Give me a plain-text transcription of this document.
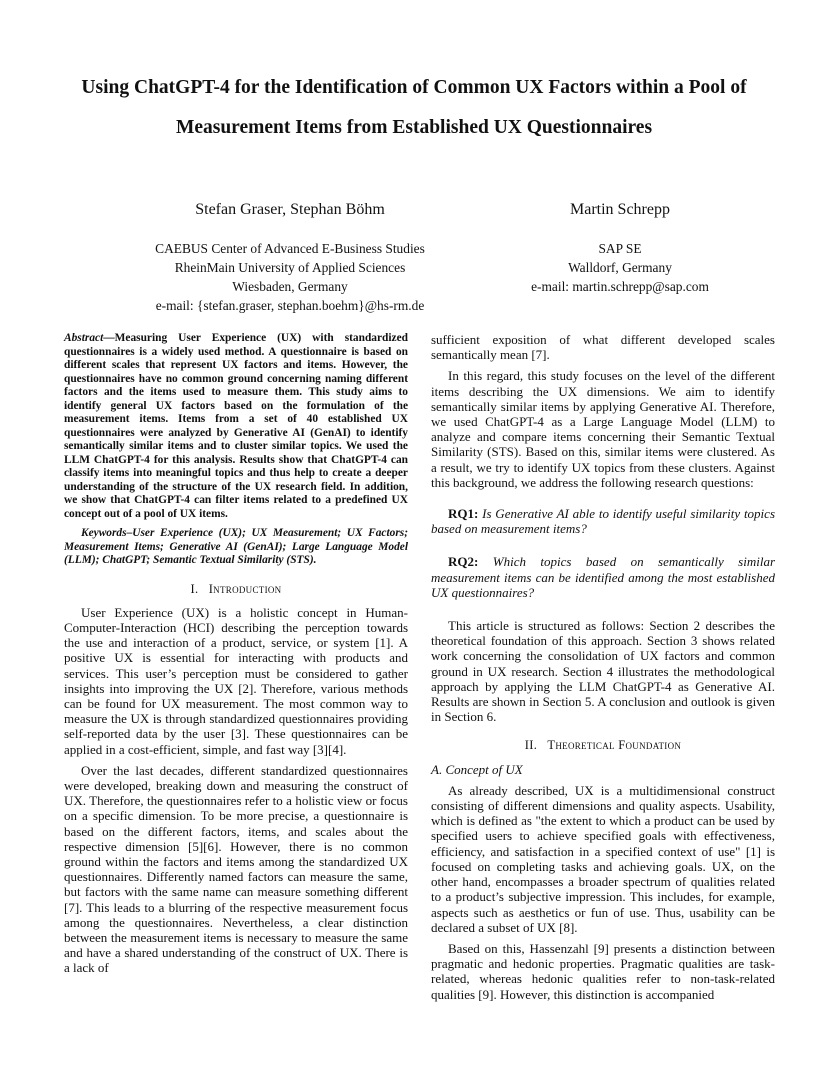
Using ChatGPT-4 for the Identification of Common UX Factors within a Pool of
Measurement Items from Established UX Questionnaires
Stefan Graser, Stephan Böhm
CAEBUS Center of Advanced E-Business Studies
RheinMain University of Applied Sciences
Wiesbaden, Germany
e-mail: {stefan.graser, stephan.boehm}@hs-rm.de
Martin Schrepp
SAP SE
Walldorf, Germany
e-mail: martin.schrepp@sap.com

Abstract—Measuring User Experience (UX) with standardized questionnaires is a widely used method. A questionnaire is based on different scales that represent UX factors and items. However, the questionnaires have no common ground concerning naming different factors and the items used to measure them. This study aims to identify general UX factors based on the formulation of the measurement items. Items from a set of 40 established UX questionnaires were analyzed by Generative AI (GenAI) to identify semantically similar items and to cluster similar topics. We used the LLM ChatGPT-4 for this analysis. Results show that ChatGPT-4 can classify items into meaningful topics and thus help to create a deeper understanding of the structure of the UX research field. In addition, we show that ChatGPT-4 can filter items related to a predefined UX concept out of a pool of UX items.

Keywords–User Experience (UX); UX Measurement; UX Factors; Measurement Items; Generative AI (GenAI); Large Language Model (LLM); ChatGPT; Semantic Textual Similarity (STS).

I. Introduction

User Experience (UX) is a holistic concept in Human-Computer-Interaction (HCI) describing the perception towards the use and interaction of a product, service, or system [1]. A positive UX is essential for interacting with products and services. This user’s perception must be considered to gather insights into improving the UX [2]. Therefore, various methods can be found for UX measurement. The most common way to measure the UX is through standardized questionnaires providing self-reported data by the user [3]. These questionnaires can be applied in a cost-efficient, simple, and fast way [3][4].

Over the last decades, different standardized questionnaires were developed, breaking down and measuring the construct of UX. Therefore, the questionnaires refer to a holistic view or focus on a specific dimension. To be more precise, a questionnaire is based on the different factors, items, and scales about the respective dimension [5][6]. However, there is no common ground within the factors and items among the standardized UX questionnaires. Differently named factors can measure the same, but factors with the same name can measure something different [7]. This leads to a blurring of the respective measurement focus among the questionnaires. Nevertheless, a clear distinction between the measurement items is necessary to measure the same and have a shared understanding of the construct of UX. There is a lack of

sufficient exposition of what different developed scales semantically mean [7].

In this regard, this study focuses on the level of the different items describing the UX dimensions. We aim to identify semantically similar items by applying Generative AI. Therefore, we used ChatGPT-4 as a Large Language Model (LLM) to analyze and compare items concerning their Semantic Textual Similarity (STS). Based on this, similar items were clustered. As a result, we try to identify UX topics from these clusters. Against this background, we address the following research questions:

RQ1: Is Generative AI able to identify useful similarity topics based on measurement items?

RQ2: Which topics based on semantically similar measurement items can be identified among the most established UX questionnaires?

This article is structured as follows: Section 2 describes the theoretical foundation of this approach. Section 3 shows related work concerning the consolidation of UX factors and common ground in UX research. Section 4 illustrates the methodological approach by applying the LLM ChatGPT-4 as Generative AI. Results are shown in Section 5. A conclusion and outlook is given in Section 6.

II. Theoretical Foundation
A. Concept of UX

As already described, UX is a multidimensional construct consisting of different dimensions and quality aspects. Usability, which is defined as "the extent to which a product can be used by specified users to achieve specified goals with effectiveness, efficiency, and satisfaction in a specified context of use" [1] is focused on completing tasks and achieving goals. UX, on the other hand, encompasses a broader spectrum of qualities related to a product’s subjective impression. This includes, for example, aspects such as aesthetics or fun of use. Thus, usability can be declared a subset of UX [8].

Based on this, Hassenzahl [9] presents a distinction between pragmatic and hedonic properties. Pragmatic qualities are task-related, whereas hedonic qualities refer to non-task-related qualities [9]. However, this distinction is accompanied
